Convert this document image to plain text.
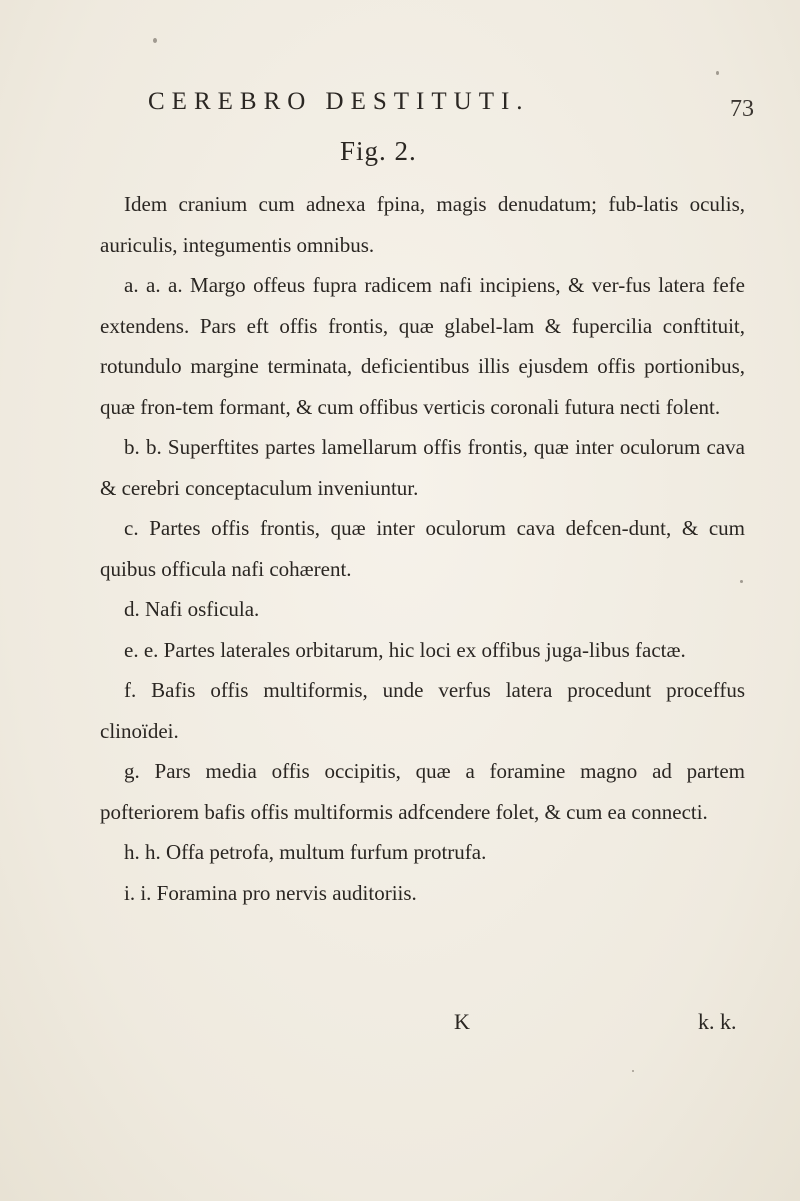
CEREBRO DESTITUTI.	73
Fig. 2.

Idem cranium cum adnexa fpina, magis denudatum; fub-latis oculis, auriculis, integumentis omnibus.

a. a. a. Margo offeus fupra radicem nafi incipiens, & ver-fus latera fefe extendens. Pars eft offis frontis, quæ glabel-lam & fupercilia conftituit, rotundulo margine terminata, deficientibus illis ejusdem offis portionibus, quæ fron-tem formant, & cum offibus verticis coronali futura necti folent.

b. b. Superftites partes lamellarum offis frontis, quæ inter oculorum cava & cerebri conceptaculum inveniuntur.

c. Partes offis frontis, quæ inter oculorum cava defcen-dunt, & cum quibus officula nafi cohærent.

d. Nafi osficula.

e. e. Partes laterales orbitarum, hic loci ex offibus juga-libus factæ.

f. Bafis offis multiformis, unde verfus latera procedunt proceffus clinoïdei.

g. Pars media offis occipitis, quæ a foramine magno ad partem pofteriorem bafis offis multiformis adfcendere folet, & cum ea connecti.

h. h. Offa petrofa, multum furfum protrufa.

i. i. Foramina pro nervis auditoriis.

K	k. k.
